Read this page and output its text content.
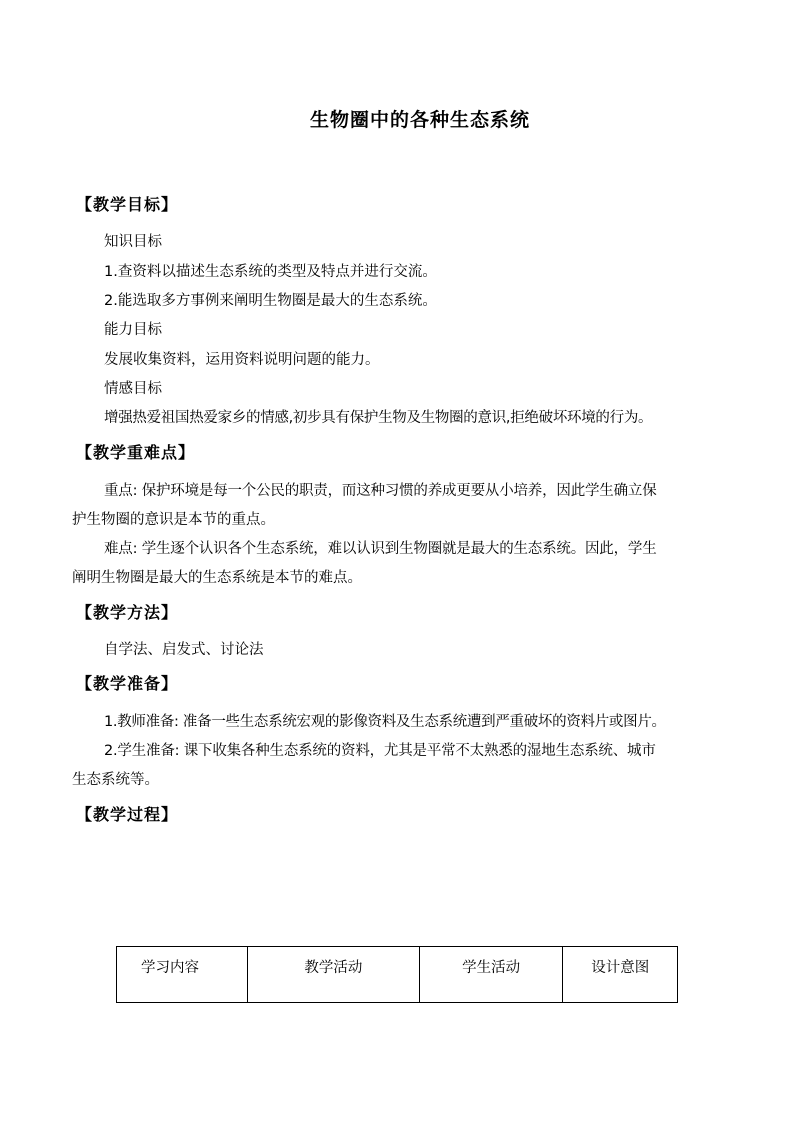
生物圈中的各种生态系统
【教学目标】
知识目标
1.查资料以描述生态系统的类型及特点并进行交流。
2.能选取多方事例来阐明生物圈是最大的生态系统。
能力目标
发展收集资料，运用资料说明问题的能力。
情感目标
增强热爱祖国热爱家乡的情感,初步具有保护生物及生物圈的意识,拒绝破坏环境的行为。
【教学重难点】
重点: 保护环境是每一个公民的职责，而这种习惯的养成更要从小培养，因此学生确立保
护生物圈的意识是本节的重点。
难点: 学生逐个认识各个生态系统，难以认识到生物圈就是最大的生态系统。因此，学生
阐明生物圈是最大的生态系统是本节的难点。
【教学方法】
自学法、启发式、讨论法
【教学准备】
1.教师准备: 准备一些生态系统宏观的影像资料及生态系统遭到严重破坏的资料片或图片。
2.学生准备: 课下收集各种生态系统的资料，尤其是平常不太熟悉的湿地生态系统、城市
生态系统等。
【教学过程】
学习内容	教学活动	学生活动	设计意图
